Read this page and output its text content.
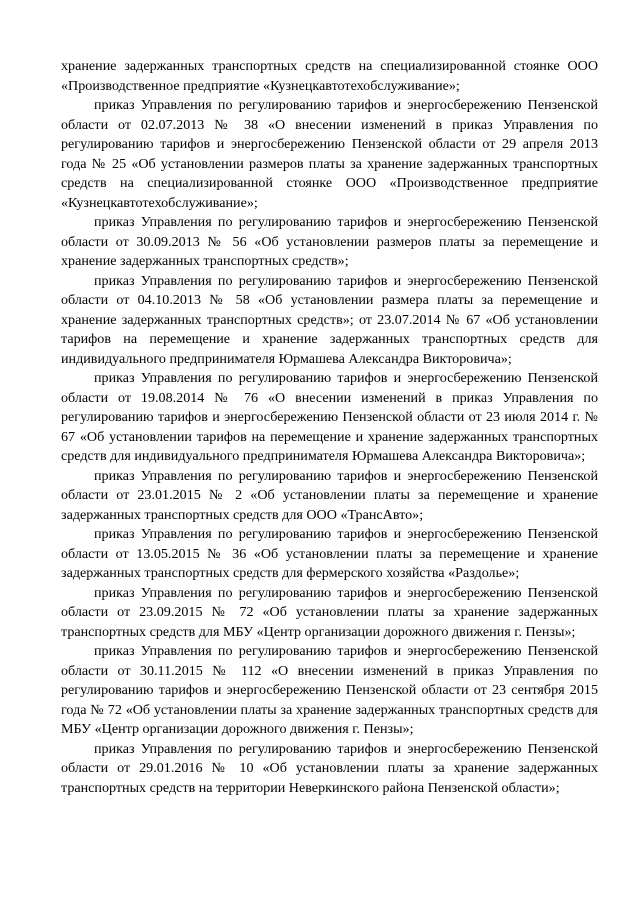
хранение задержанных транспортных средств на специализированной стоянке ООО «Производственное предприятие «Кузнецкавтотехобслуживание»;

приказ Управления по регулированию тарифов и энергосбережению Пензенской области от 02.07.2013 № 38 «О внесении изменений в приказ Управления по регулированию тарифов и энергосбережению Пензенской области от 29 апреля 2013 года № 25 «Об установлении размеров платы за хранение задержанных транспортных средств на специализированной стоянке ООО «Производственное предприятие «Кузнецкавтотехобслуживание»;

приказ Управления по регулированию тарифов и энергосбережению Пензенской области от 30.09.2013 № 56 «Об установлении размеров платы за перемещение и хранение задержанных транспортных средств»;

приказ Управления по регулированию тарифов и энергосбережению Пензенской области от 04.10.2013 № 58 «Об установлении размера платы за перемещение и хранение задержанных транспортных средств»; от 23.07.2014 № 67 «Об установлении тарифов на перемещение и хранение задержанных транспортных средств для индивидуального предпринимателя Юрмашева Александра Викторовича»;

приказ Управления по регулированию тарифов и энергосбережению Пензенской области от 19.08.2014 № 76 «О внесении изменений в приказ Управления по регулированию тарифов и энергосбережению Пензенской области от 23 июля 2014 г. № 67 «Об установлении тарифов на перемещение и хранение задержанных транспортных средств для индивидуального предпринимателя Юрмашева Александра Викторовича»;

приказ Управления по регулированию тарифов и энергосбережению Пензенской области от 23.01.2015 № 2 «Об установлении платы за перемещение и хранение задержанных транспортных средств для ООО «ТрансАвто»;

приказ Управления по регулированию тарифов и энергосбережению Пензенской области от 13.05.2015 № 36 «Об установлении платы за перемещение и хранение задержанных транспортных средств для фермерского хозяйства «Раздолье»;

приказ Управления по регулированию тарифов и энергосбережению Пензенской области от 23.09.2015 № 72 «Об установлении платы за хранение задержанных транспортных средств для МБУ «Центр организации дорожного движения г. Пензы»;

приказ Управления по регулированию тарифов и энергосбережению Пензенской области от 30.11.2015 № 112 «О внесении изменений в приказ Управления по регулированию тарифов и энергосбережению Пензенской области от 23 сентября 2015 года № 72 «Об установлении платы за хранение задержанных транспортных средств для МБУ «Центр организации дорожного движения г. Пензы»;

приказ Управления по регулированию тарифов и энергосбережению Пензенской области от 29.01.2016 № 10 «Об установлении платы за хранение задержанных транспортных средств на территории Неверкинского района Пензенской области»;
